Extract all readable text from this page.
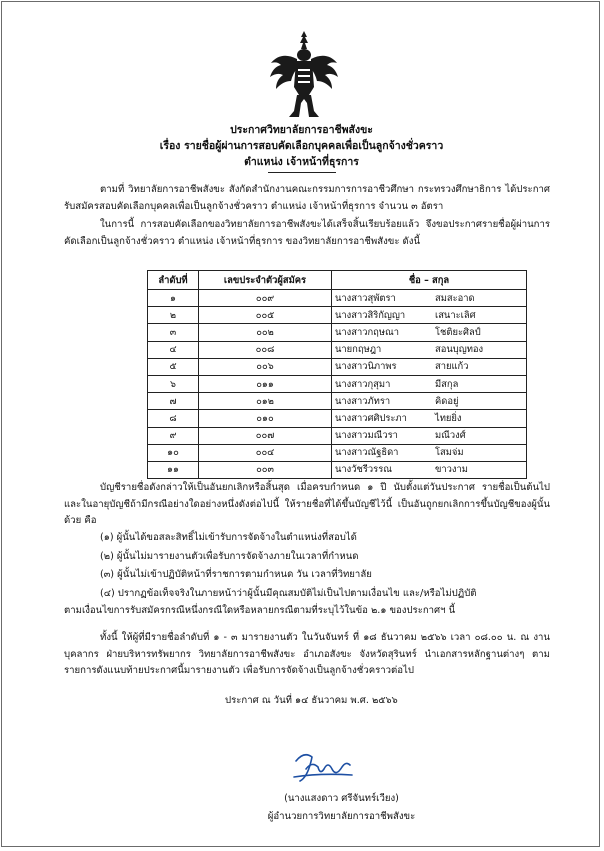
ประกาศวิทยาลัยการอาชีพสังขะ
เรื่อง รายชื่อผู้ผ่านการสอบคัดเลือกบุคคลเพื่อเป็นลูกจ้างชั่วคราว
ตำแหน่ง เจ้าหน้าที่ธุรการ
ตามที่ วิทยาลัยการอาชีพสังขะ สังกัดสำนักงานคณะกรรมการการอาชีวศึกษา กระทรวงศึกษาธิการ ได้ประกาศรับสมัครสอบคัดเลือกบุคคลเพื่อเป็นลูกจ้างชั่วคราว ตำแหน่ง เจ้าหน้าที่ธุรการ จำนวน ๓ อัตรา
ในการนี้ การสอบคัดเลือกของวิทยาลัยการอาชีพสังขะได้เสร็จสิ้นเรียบร้อยแล้ว จึงขอประกาศรายชื่อผู้ผ่านการคัดเลือกเป็นลูกจ้างชั่วคราว ตำแหน่ง เจ้าหน้าที่ธุรการ ของวิทยาลัยการอาชีพสังขะ ดังนี้
ลำดับที่	เลขประจำตัวผู้สมัคร	ชื่อ – สกุล
๑	๐๐๙	นางสาวสุพัตรา สมสะอาด

๒	๐๐๕	นางสาวสิริกัญญา เสนาะเลิศ

๓	๐๐๒	นางสาวกฤษณา โชติยะศิลป์

๔	๐๐๘	นายกฤษฎา สอนบุญทอง

๕	๐๐๖	นางสาวนิภาพร สายแก้ว

๖	๐๑๑	นางสาวกุสุมา มีสกุล

๗	๐๑๒	นางสาวภัทรา คิดอยู่

๘	๐๑๐	นางสาวศศิประภา ไทยยิ่ง

๙	๐๐๗	นางสาวมณีวรา มณีวงศ์

๑๐	๐๐๔	นางสาวณัฐธิดา โสมจ่ม

๑๑	๐๐๓	นางวัชรีวรรณ ขาวงาม
บัญชีรายชื่อดังกล่าวให้เป็นอันยกเลิกหรือสิ้นสุด เมื่อครบกำหนด ๑ ปี นับตั้งแต่วันประกาศ รายชื่อเป็นต้นไป และในอายุบัญชีถ้ามีกรณีอย่างใดอย่างหนึ่งดังต่อไปนี้ ให้รายชื่อที่ได้ขึ้นบัญชีไว้นี้ เป็นอันถูกยกเลิกการขึ้นบัญชีของผู้นั้นด้วย คือ
(๑) ผู้นั้นได้ขอสละสิทธิ์ไม่เข้ารับการจัดจ้างในตำแหน่งที่สอบได้
(๒) ผู้นั้นไม่มารายงานตัวเพื่อรับการจัดจ้างภายในเวลาที่กำหนด
(๓) ผู้นั้นไม่เข้าปฏิบัติหน้าที่ราชการตามกำหนด วัน เวลาที่วิทยาลัย
(๔) ปรากฏข้อเท็จจริงในภายหน้าว่าผู้นั้นมีคุณสมบัติไม่เป็นไปตามเงื่อนไข และ/หรือไม่ปฏิบัติ
ตามเงื่อนไขการรับสมัครกรณีหนึ่งกรณีใดหรือหลายกรณีตามที่ระบุไว้ในข้อ ๒.๑ ของประกาศฯ นี้
ทั้งนี้ ให้ผู้ที่มีรายชื่อลำดับที่ ๑ - ๓ มารายงานตัว ในวันจันทร์ ที่ ๑๘ ธันวาคม ๒๕๖๖ เวลา ๐๘.๐๐ น. ณ งานบุคลากร ฝ่ายบริหารทรัพยากร วิทยาลัยการอาชีพสังขะ อำเภอสังขะ จังหวัดสุรินทร์ นำเอกสารหลักฐานต่างๆ ตามรายการดังแนบท้ายประกาศนี้มารายงานตัว เพื่อรับการจัดจ้างเป็นลูกจ้างชั่วคราวต่อไป
ประกาศ ณ วันที่ ๑๔ ธันวาคม พ.ศ. ๒๕๖๖
(นางแสงดาว ศรีจันทร์เวียง)
ผู้อำนวยการวิทยาลัยการอาชีพสังขะ
